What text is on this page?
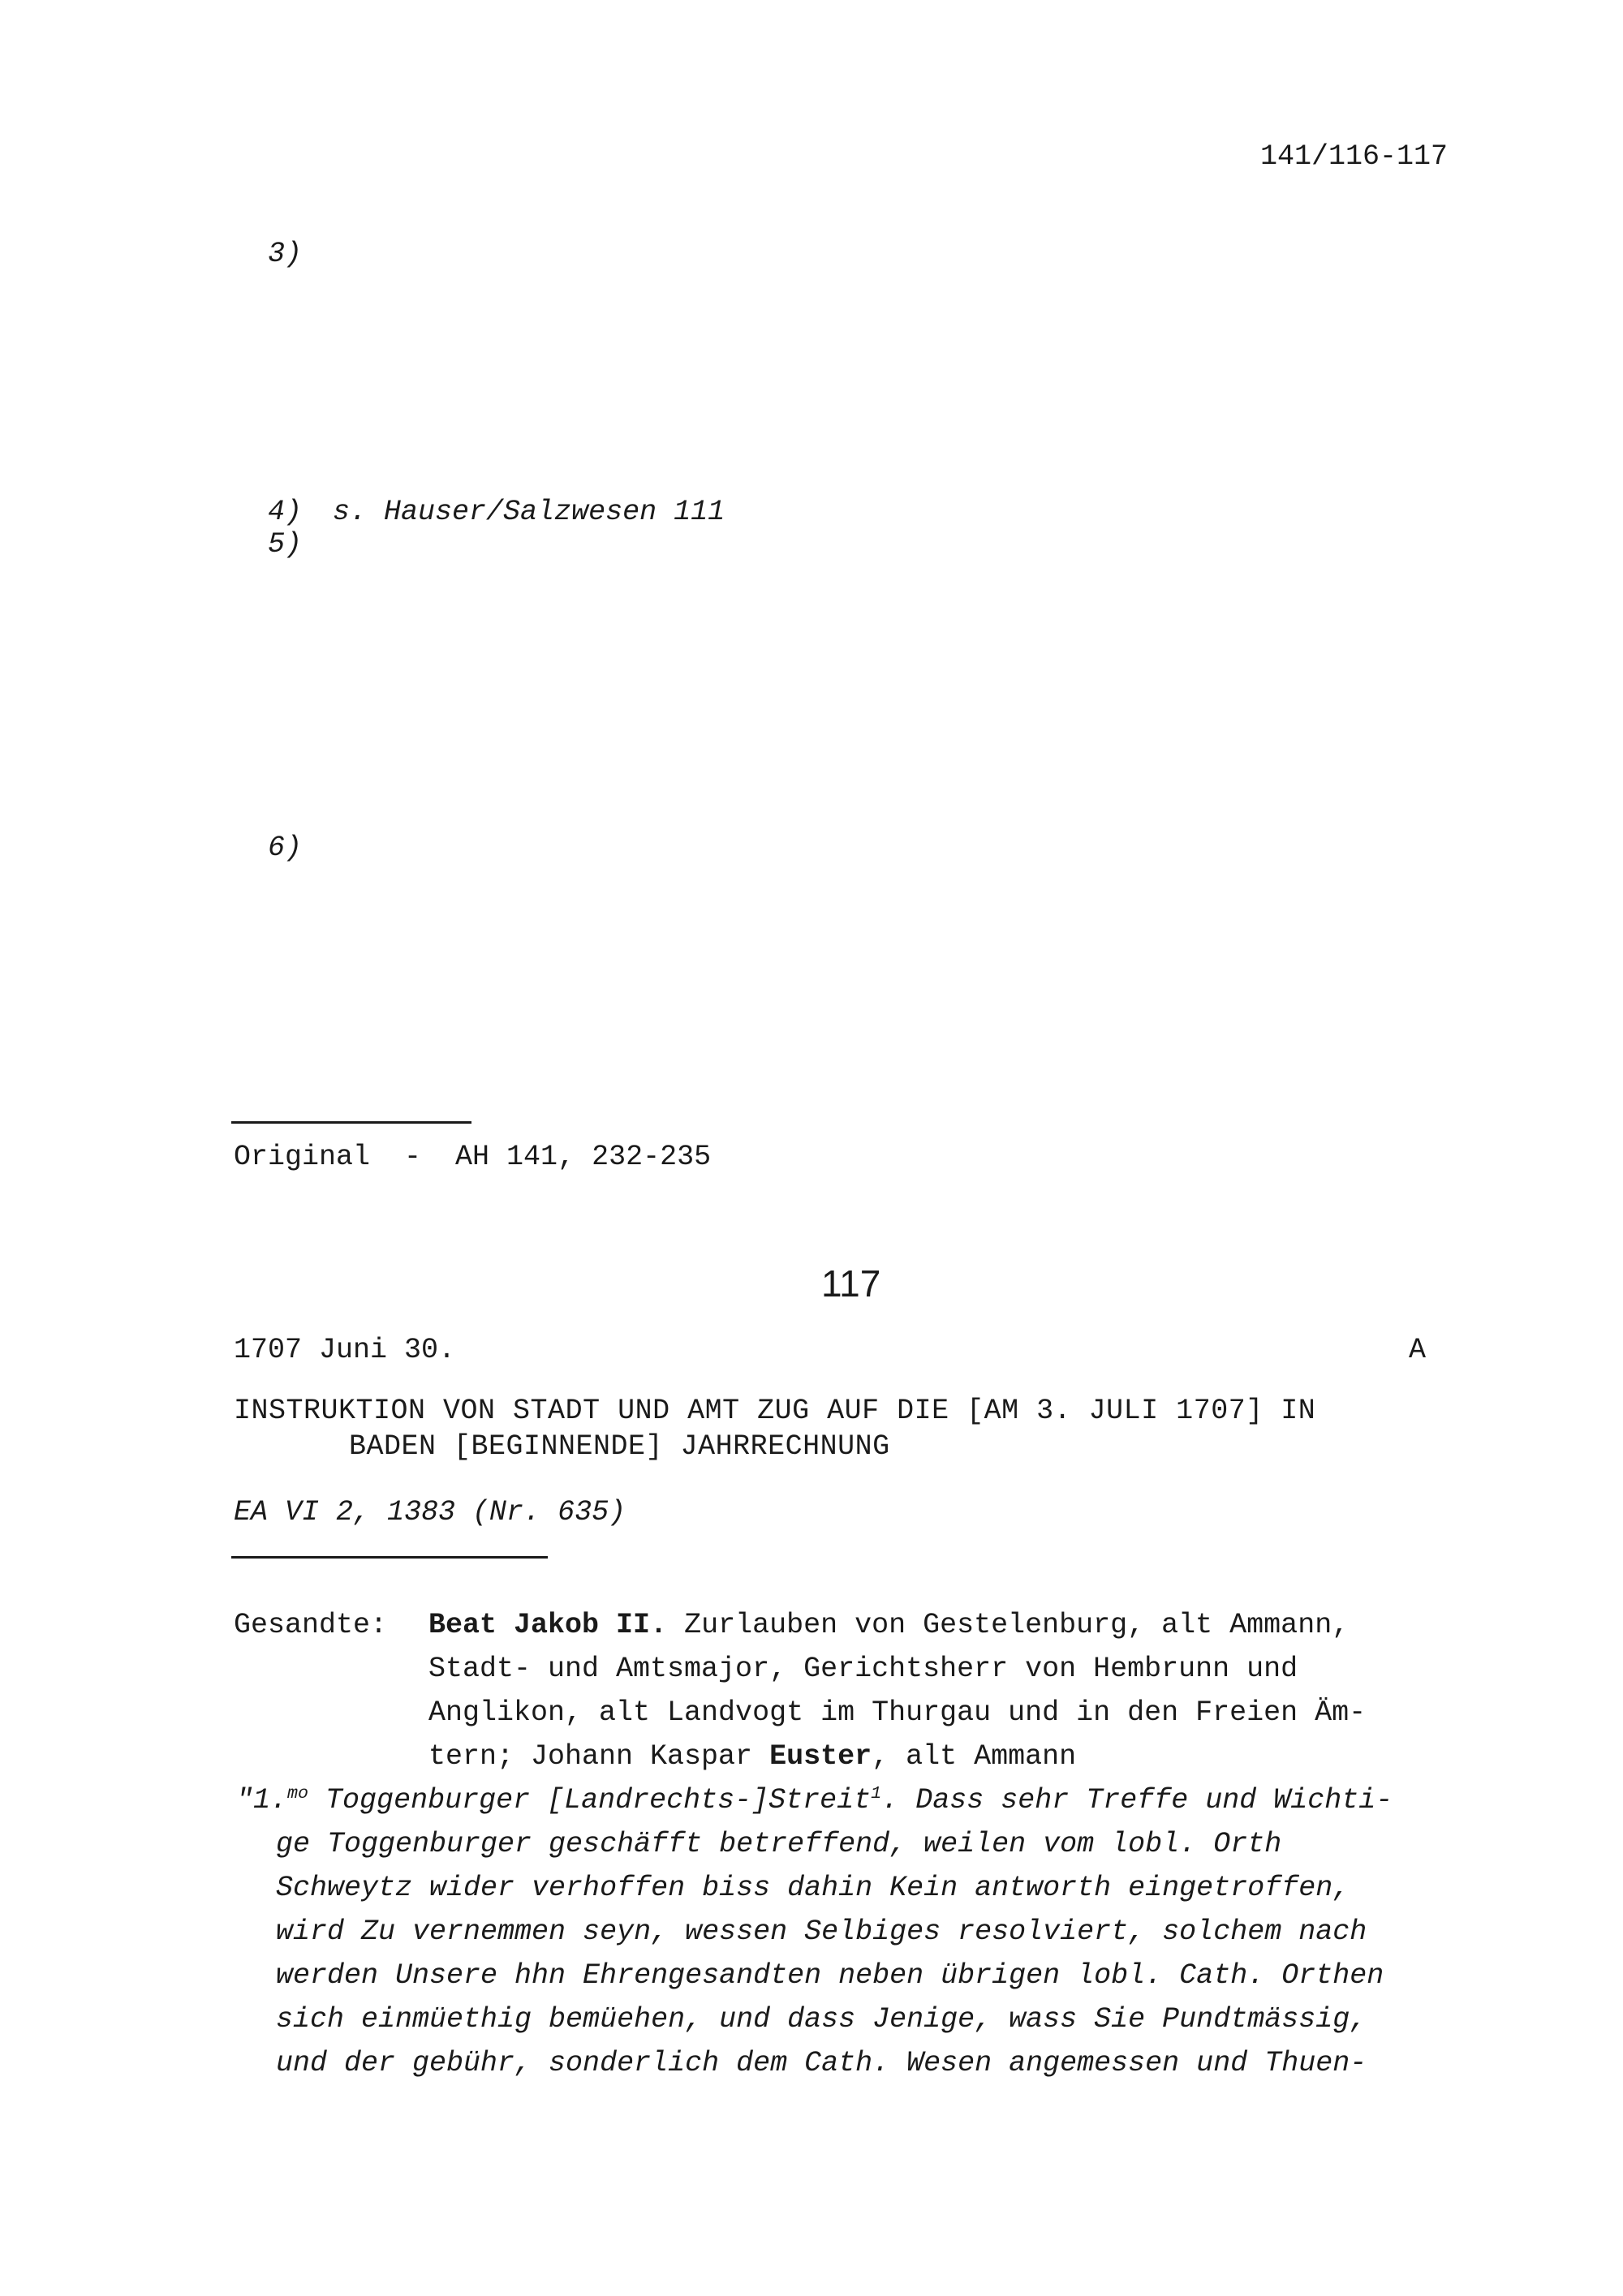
141/116-117

3)

4) s. Hauser/Salzwesen 111

5)

6)

Original  -  AH 141, 232-235
117
1707 Juni 30.	A
INSTRUKTION VON STADT UND AMT ZUG AUF DIE [AM 3. JULI 1707] IN
BADEN [BEGINNENDE] JAHRRECHNUNG
EA VI 2, 1383 (Nr. 635)
Gesandte: Beat Jakob II. Zurlauben von Gestelenburg, alt Ammann,
Stadt- und Amtsmajor, Gerichtsherr von Hembrunn und
Anglikon, alt Landvogt im Thurgau und in den Freien Äm-
tern; Johann Kaspar Euster, alt Ammann
"1.$^{mo}$ Toggenburger [Landrechts-]Streit$^1$. Dass sehr Treffe und Wichti-
ge Toggenburger geschäfft betreffend, weilen vom lobl. Orth
Schweytz wider verhoffen biss dahin Kein antworth eingetroffen,
wird Zu vernemmen seyn, wessen Selbiges resolviert, solchem nach
werden Unsere hhn Ehrengesandten neben übrigen lobl. Cath. Orthen
sich einmüethig bemüehen, und dass Jenige, wass Sie Pundtmässig,
und der gebühr, sonderlich dem Cath. Wesen angemessen und Thuen-
